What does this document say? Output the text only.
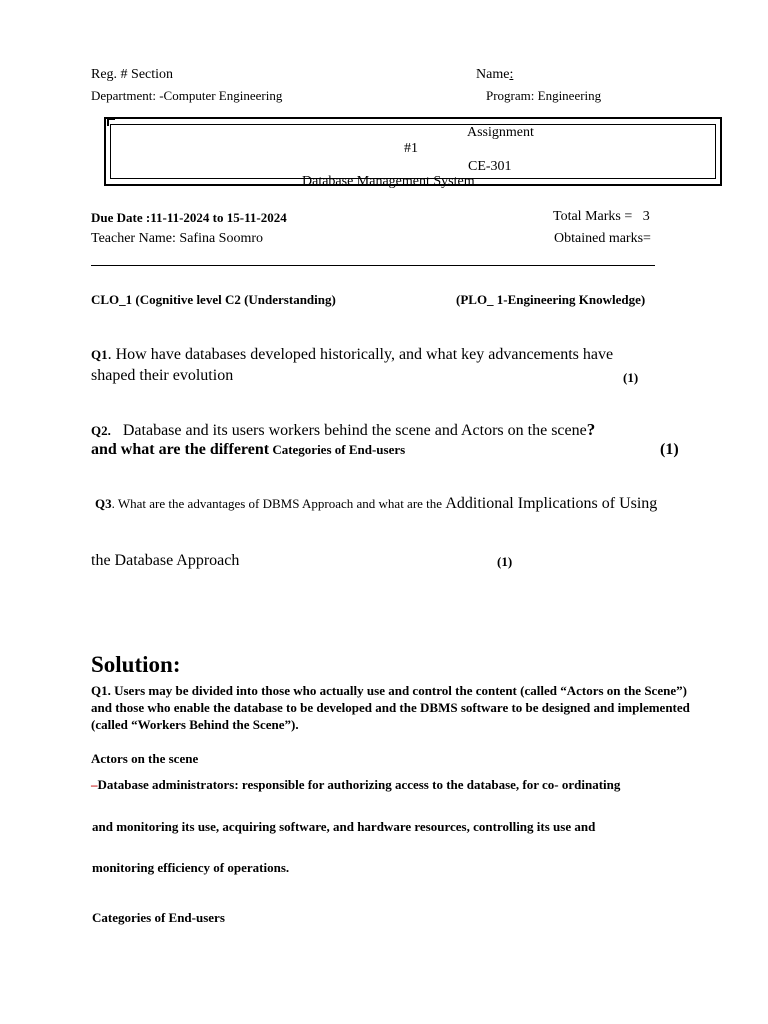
Reg. # Section	Name:
Department: -Computer Engineering	Program: Engineering
Assignment
#1
CE-301
Database Management System
Due Date :11-11-2024 to 15-11-2024	Total Marks = 3
Teacher Name: Safina Soomro	Obtained marks=
CLO_1 (Cognitive level C2 (Understanding)	(PLO_ 1-Engineering Knowledge)
Q1. How have databases developed historically, and what key advancements have
shaped their evolution	(1)
Q2. Database and its users workers behind the scene and Actors on the scene?
and what are the different Categories of End-users	(1)
Q3. What are the advantages of DBMS Approach and what are the Additional Implications of Using
the Database Approach	(1)
Solution:
Q1. Users may be divided into those who actually use and control the content (called “Actors on the Scene”) and those who enable the database to be developed and the DBMS software to be designed and implemented (called “Workers Behind the Scene”).
Actors on the scene
–Database administrators: responsible for authorizing access to the database, for co- ordinating
and monitoring its use, acquiring software, and hardware resources, controlling its use and
monitoring efficiency of operations.
Categories of End-users
